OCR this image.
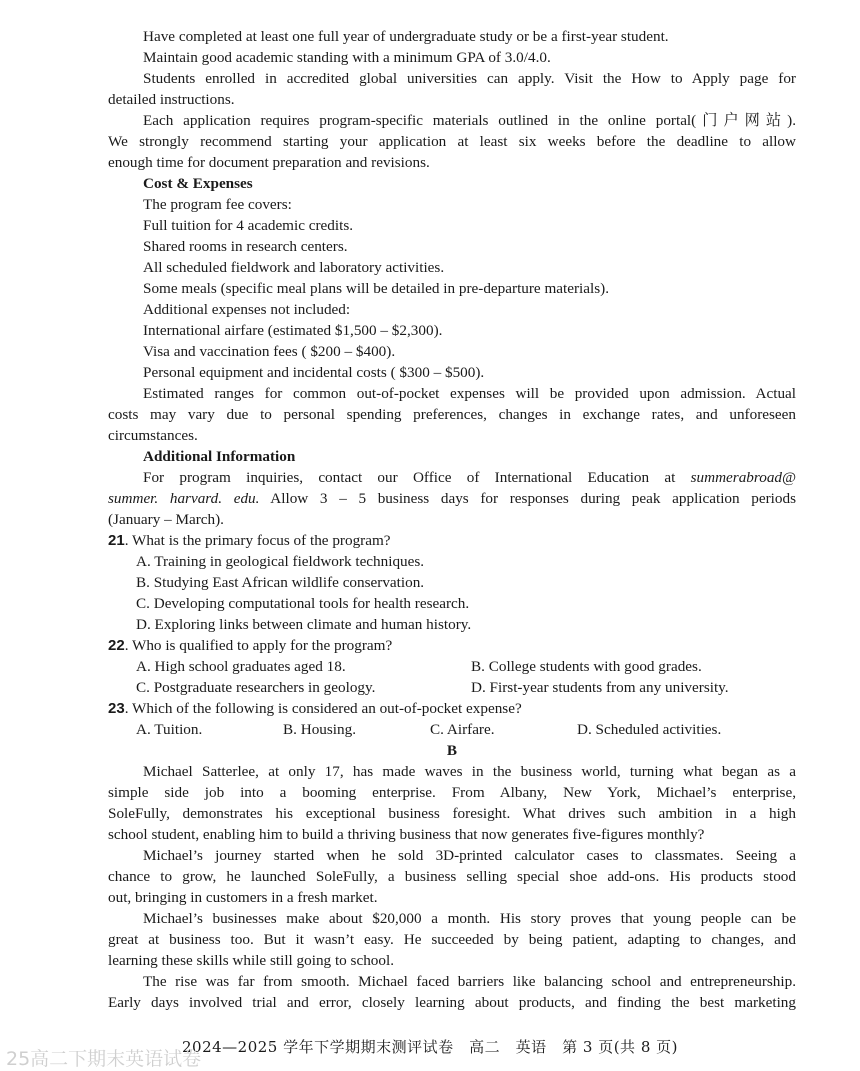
Have completed at least one full year of undergraduate study or be a first-year student.
Maintain good academic standing with a minimum GPA of 3.0/4.0.
Students enrolled in accredited global universities can apply. Visit the How to Apply page for
detailed instructions.
Each application requires program-specific materials outlined in the online portal(门户网站).
We strongly recommend starting your application at least six weeks before the deadline to allow
enough time for document preparation and revisions.
Cost & Expenses
The program fee covers:
Full tuition for 4 academic credits.
Shared rooms in research centers.
All scheduled fieldwork and laboratory activities.
Some meals (specific meal plans will be detailed in pre-departure materials).
Additional expenses not included:
International airfare (estimated $1,500 – $2,300).
Visa and vaccination fees ( $200 – $400).
Personal equipment and incidental costs ( $300 – $500).
Estimated ranges for common out-of-pocket expenses will be provided upon admission. Actual
costs may vary due to personal spending preferences, changes in exchange rates, and unforeseen
circumstances.
Additional Information
For program inquiries, contact our Office of International Education at summerabroad@
summer. harvard. edu. Allow 3 – 5 business days for responses during peak application periods
(January – March).
21. What is the primary focus of the program?
A. Training in geological fieldwork techniques.
B. Studying East African wildlife conservation.
C. Developing computational tools for health research.
D. Exploring links between climate and human history.
22. Who is qualified to apply for the program?
A. High school graduates aged 18.	B. College students with good grades.
C. Postgraduate researchers in geology.	D. First-year students from any university.
23. Which of the following is considered an out-of-pocket expense?
A. Tuition.	B. Housing.	C. Airfare.	D. Scheduled activities.
B
Michael Satterlee, at only 17, has made waves in the business world, turning what began as a
simple side job into a booming enterprise. From Albany, New York, Michael’s enterprise,
SoleFully, demonstrates his exceptional business foresight. What drives such ambition in a high
school student, enabling him to build a thriving business that now generates five-figures monthly?
Michael’s journey started when he sold 3D-printed calculator cases to classmates. Seeing a
chance to grow, he launched SoleFully, a business selling special shoe add-ons. His products stood
out, bringing in customers in a fresh market.
Michael’s businesses make about $20,000 a month. His story proves that young people can be
great at business too. But it wasn’t easy. He succeeded by being patient, adapting to changes, and
learning these skills while still going to school.
The rise was far from smooth. Michael faced barriers like balancing school and entrepreneurship.
Early days involved trial and error, closely learning about products, and finding the best marketing
2024—2025 学年下学期期末测评试卷　高二　英语　第 3 页(共 8 页)
25高二下期末英语试卷
